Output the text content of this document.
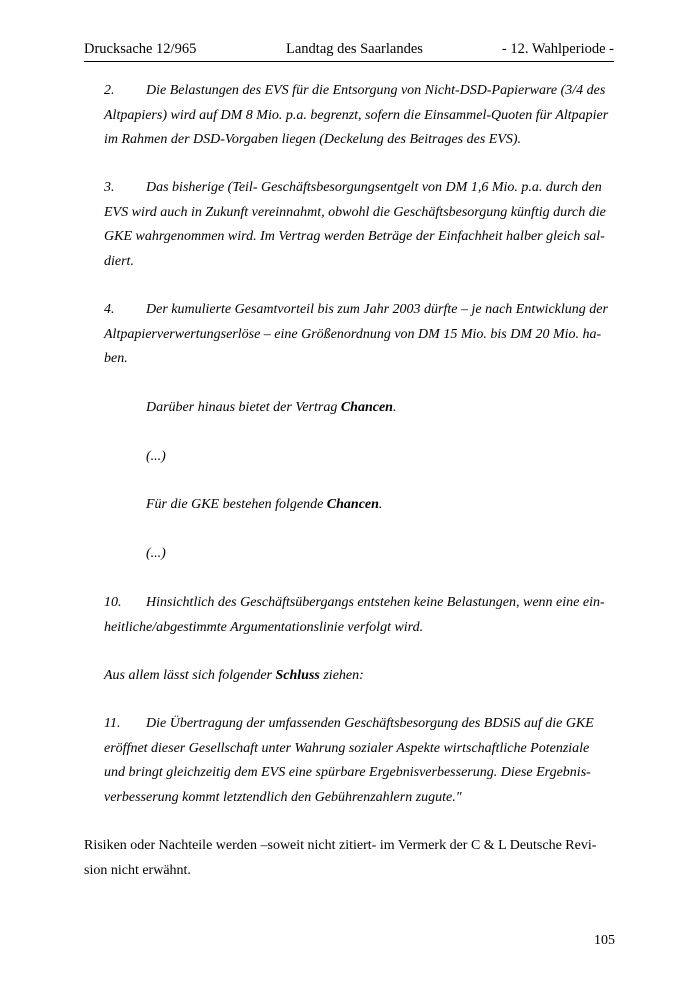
Drucksache 12/965	Landtag des Saarlandes	- 12. Wahlperiode -
2. Die Belastungen des EVS für die Entsorgung von Nicht-DSD-Papierware (3/4 des
Altpapiers) wird auf DM 8 Mio. p.a. begrenzt, sofern die Einsammel-Quoten für Altpapier
im Rahmen der DSD-Vorgaben liegen (Deckelung des Beitrages des EVS).
3. Das bisherige (Teil- Geschäftsbesorgungsentgelt von DM 1,6 Mio. p.a. durch den
EVS wird auch in Zukunft vereinnahmt, obwohl die Geschäftsbesorgung künftig durch die
GKE wahrgenommen wird. Im Vertrag werden Beträge der Einfachheit halber gleich sal-
diert.
4. Der kumulierte Gesamtvorteil bis zum Jahr 2003 dürfte – je nach Entwicklung der
Altpapierverwertungserlöse – eine Größenordnung von DM 15 Mio. bis DM 20 Mio. ha-
ben.
Darüber hinaus bietet der Vertrag Chancen.
(...)
Für die GKE bestehen folgende Chancen.
(...)
10. Hinsichtlich des Geschäftsübergangs entstehen keine Belastungen, wenn eine ein-
heitliche/abgestimmte Argumentationslinie verfolgt wird.
Aus allem lässt sich folgender Schluss ziehen:
11. Die Übertragung der umfassenden Geschäftsbesorgung des BDSiS auf die GKE
eröffnet dieser Gesellschaft unter Wahrung sozialer Aspekte wirtschaftliche Potenziale
und bringt gleichzeitig dem EVS eine spürbare Ergebnisverbesserung. Diese Ergebnis-
verbesserung kommt letztendlich den Gebührenzahlern zugute."
Risiken oder Nachteile werden –soweit nicht zitiert- im Vermerk der C & L Deutsche Revi-
sion nicht erwähnt.
105
